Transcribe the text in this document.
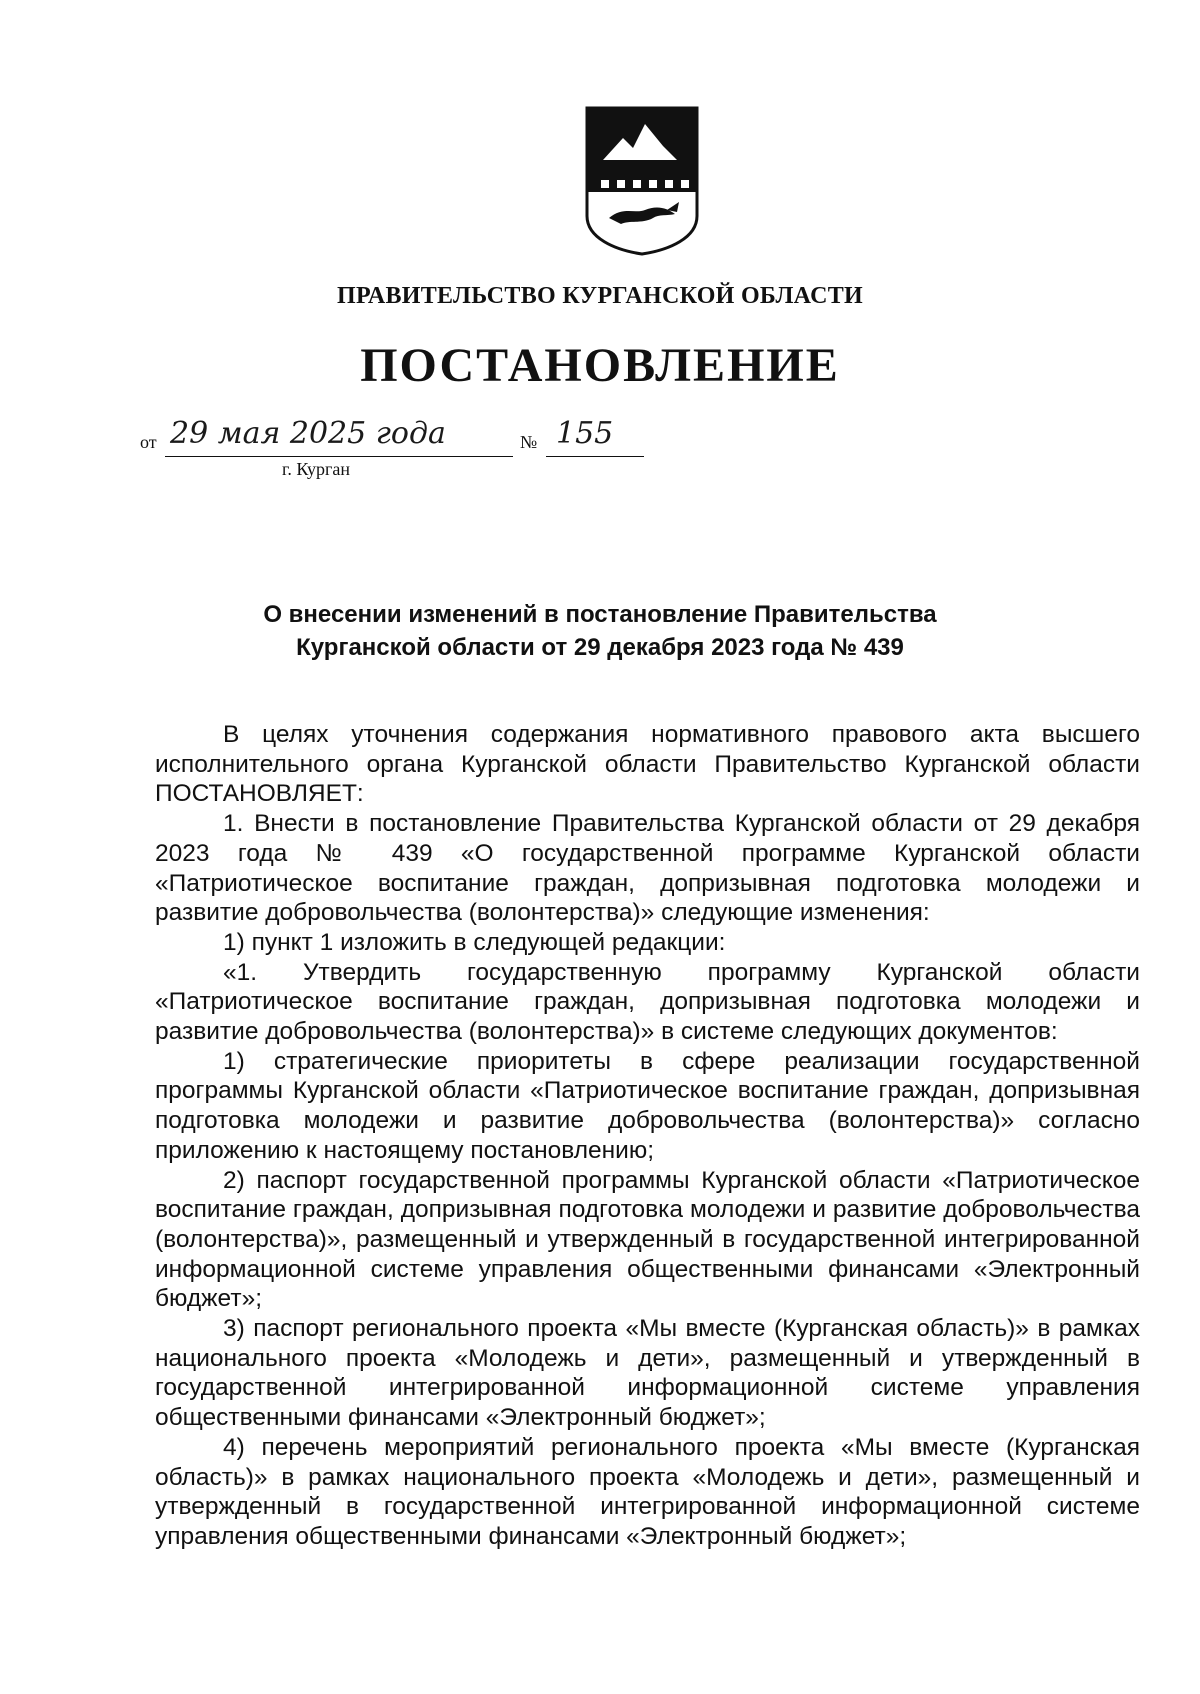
ПРАВИТЕЛЬСТВО КУРГАНСКОЙ ОБЛАСТИ
ПОСТАНОВЛЕНИЕ
от 29 мая 2025 года	№ 155
г. Курган
О внесении изменений в постановление Правительства
Курганской области от 29 декабря 2023 года № 439

В целях уточнения содержания нормативного правового акта высшего исполнительного органа Курганской области Правительство Курганской области ПОСТАНОВЛЯЕТ:

1. Внести в постановление Правительства Курганской области от 29 декабря 2023 года № 439 «О государственной программе Курганской области «Патриотическое воспитание граждан, допризывная подготовка молодежи и развитие добровольчества (волонтерства)» следующие изменения:

1) пункт 1 изложить в следующей редакции:

«1. Утвердить государственную программу Курганской области «Патриотическое воспитание граждан, допризывная подготовка молодежи и развитие добровольчества (волонтерства)» в системе следующих документов:

1) стратегические приоритеты в сфере реализации государственной программы Курганской области «Патриотическое воспитание граждан, допризывная подготовка молодежи и развитие добровольчества (волонтерства)» согласно приложению к настоящему постановлению;

2) паспорт государственной программы Курганской области «Патриотическое воспитание граждан, допризывная подготовка молодежи и развитие добровольчества (волонтерства)», размещенный и утвержденный в государственной интегрированной информационной системе управления общественными финансами «Электронный бюджет»;

3) паспорт регионального проекта «Мы вместе (Курганская область)» в рамках национального проекта «Молодежь и дети», размещенный и утвержденный в государственной интегрированной информационной системе управления общественными финансами «Электронный бюджет»;

4) перечень мероприятий регионального проекта «Мы вместе (Курганская область)» в рамках национального проекта «Молодежь и дети», размещенный и утвержденный в государственной интегрированной информационной системе управления общественными финансами «Электронный бюджет»;
